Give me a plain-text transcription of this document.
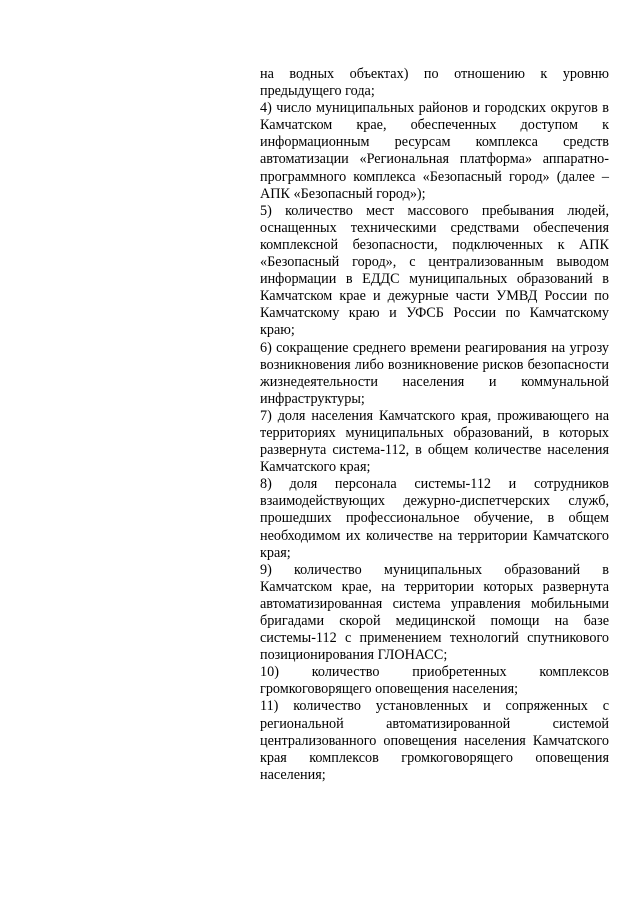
на водных объектах) по отношению к уровню предыдущего года;

4) число муниципальных районов и городских округов в Камчатском крае, обеспеченных доступом к информационным ресурсам комплекса средств автоматизации «Региональная платформа» аппаратно-программного комплекса «Безопасный город» (далее – АПК «Безопасный город»);

5) количество мест массового пребывания людей, оснащенных техническими средствами обеспечения комплексной безопасности, подключенных к АПК «Безопасный город», с централизованным выводом информации в ЕДДС муниципальных образований в Камчатском крае и дежурные части УМВД России по Камчатскому краю и УФСБ России по Камчатскому краю;

6) сокращение среднего времени реагирования на угрозу возникновения либо возникновение рисков безопасности жизнедеятельности населения и коммунальной инфраструктуры;

7) доля населения Камчатского края, проживающего на территориях муниципальных образований, в которых развернута система-112, в общем количестве населения Камчатского края;

8) доля персонала системы-112 и сотрудников взаимодействующих дежурно-диспетчерских служб, прошедших профессиональное обучение, в общем необходимом их количестве на территории Камчатского края;

9) количество муниципальных образований в Камчатском крае, на территории которых развернута автоматизированная система управления мобильными бригадами скорой медицинской помощи на базе системы-112 с применением технологий спутникового позиционирования ГЛОНАСС;

10) количество приобретенных комплексов громкоговорящего оповещения населения;

11) количество установленных и сопряженных с региональной автоматизированной системой централизованного оповещения населения Камчатского края комплексов громкоговорящего оповещения населения;
